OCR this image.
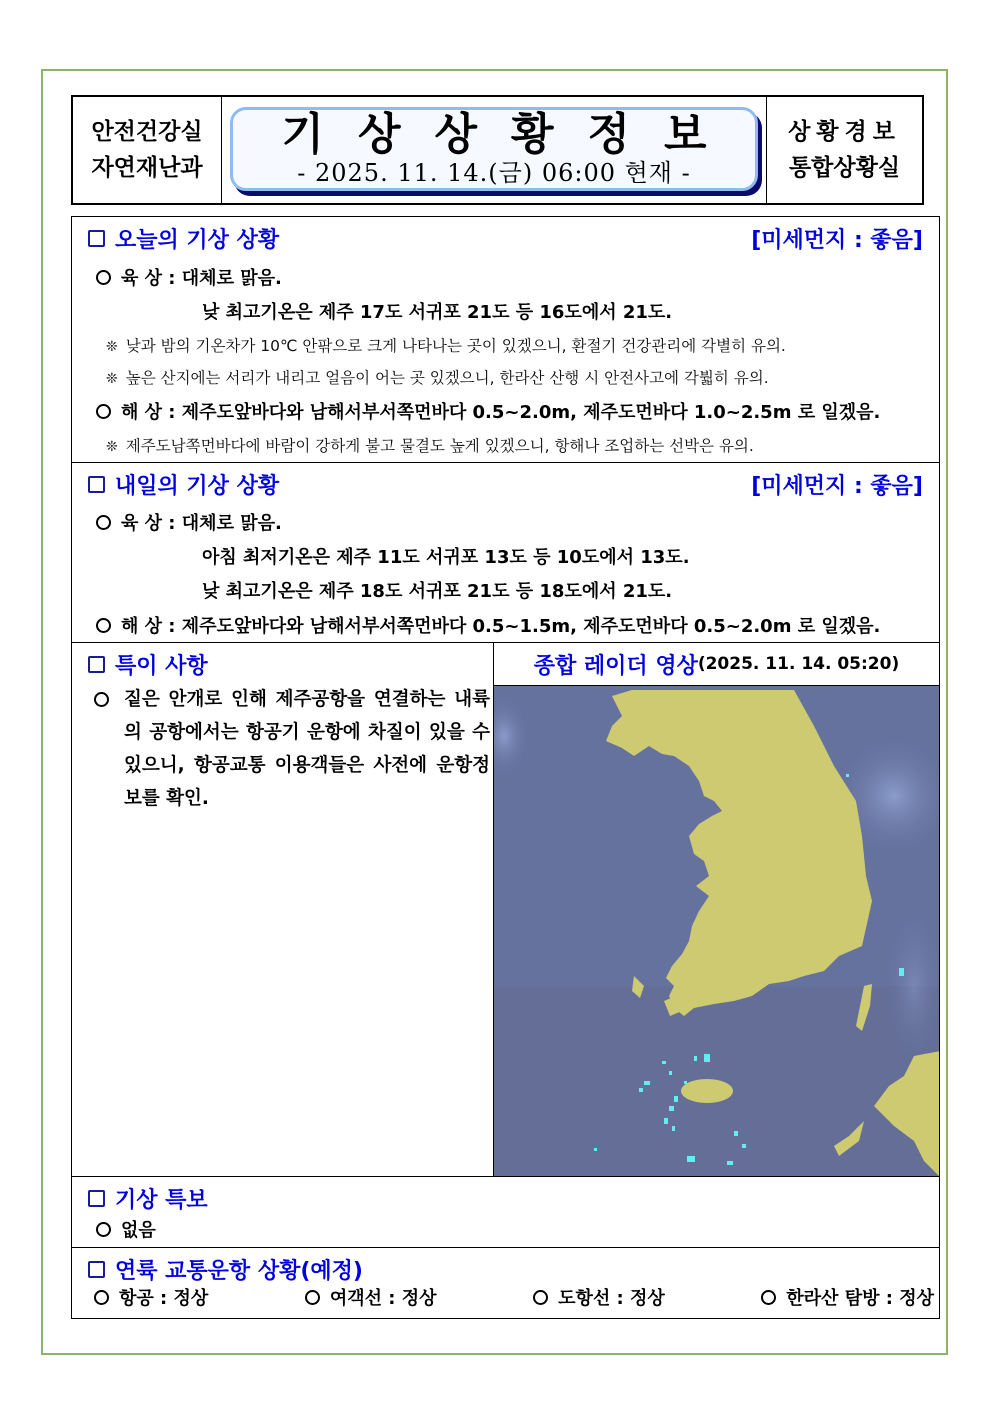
안전건강실
자연재난과
기상상황정보
- 2025. 11. 14.(금) 06:00 현재 -
상황경보
통합상황실
오늘의 기상 상황	[미세먼지 : 좋음]
육 상 : 대체로 맑음.
낮 최고기온은 제주 17도 서귀포 21도 등 16도에서 21도.
❊ 낮과 밤의 기온차가 10℃ 안팎으로 크게 나타나는 곳이 있겠으니, 환절기 건강관리에 각별히 유의.
❊ 높은 산지에는 서리가 내리고 얼음이 어는 곳 있겠으니, 한라산 산행 시 안전사고에 각붧히 유의.
해 상 : 제주도앞바다와 남해서부서쪽먼바다 0.5~2.0m, 제주도먼바다 1.0~2.5m 로 일겠음.
❊ 제주도남쪽먼바다에 바람이 강하게 불고 물결도 높게 있겠으니, 항해나 조업하는 선박은 유의.
내일의 기상 상황	[미세먼지 : 좋음]
육 상 : 대체로 맑음.
아침 최저기온은 제주 11도 서귀포 13도 등 10도에서 13도.
낮 최고기온은 제주 18도 서귀포 21도 등 18도에서 21도.
해 상 : 제주도앞바다와 남해서부서쪽먼바다 0.5~1.5m, 제주도먼바다 0.5~2.0m 로 일겠음.
특이 사항
짙은 안개로 인해 제주공항을 연결하는 내륙의 공항에서는 항공기 운항에 차질이 있을 수 있으니, 항공교통 이용객들은 사전에 운항정보를 확인.
종합 레이더 영상 (2025. 11. 14. 05:20)
기상 특보
없음
연륙 교통운항 상황(예정)
항공 : 정상	여객선 : 정상	도항선 : 정상	한라산 탐방 : 정상
